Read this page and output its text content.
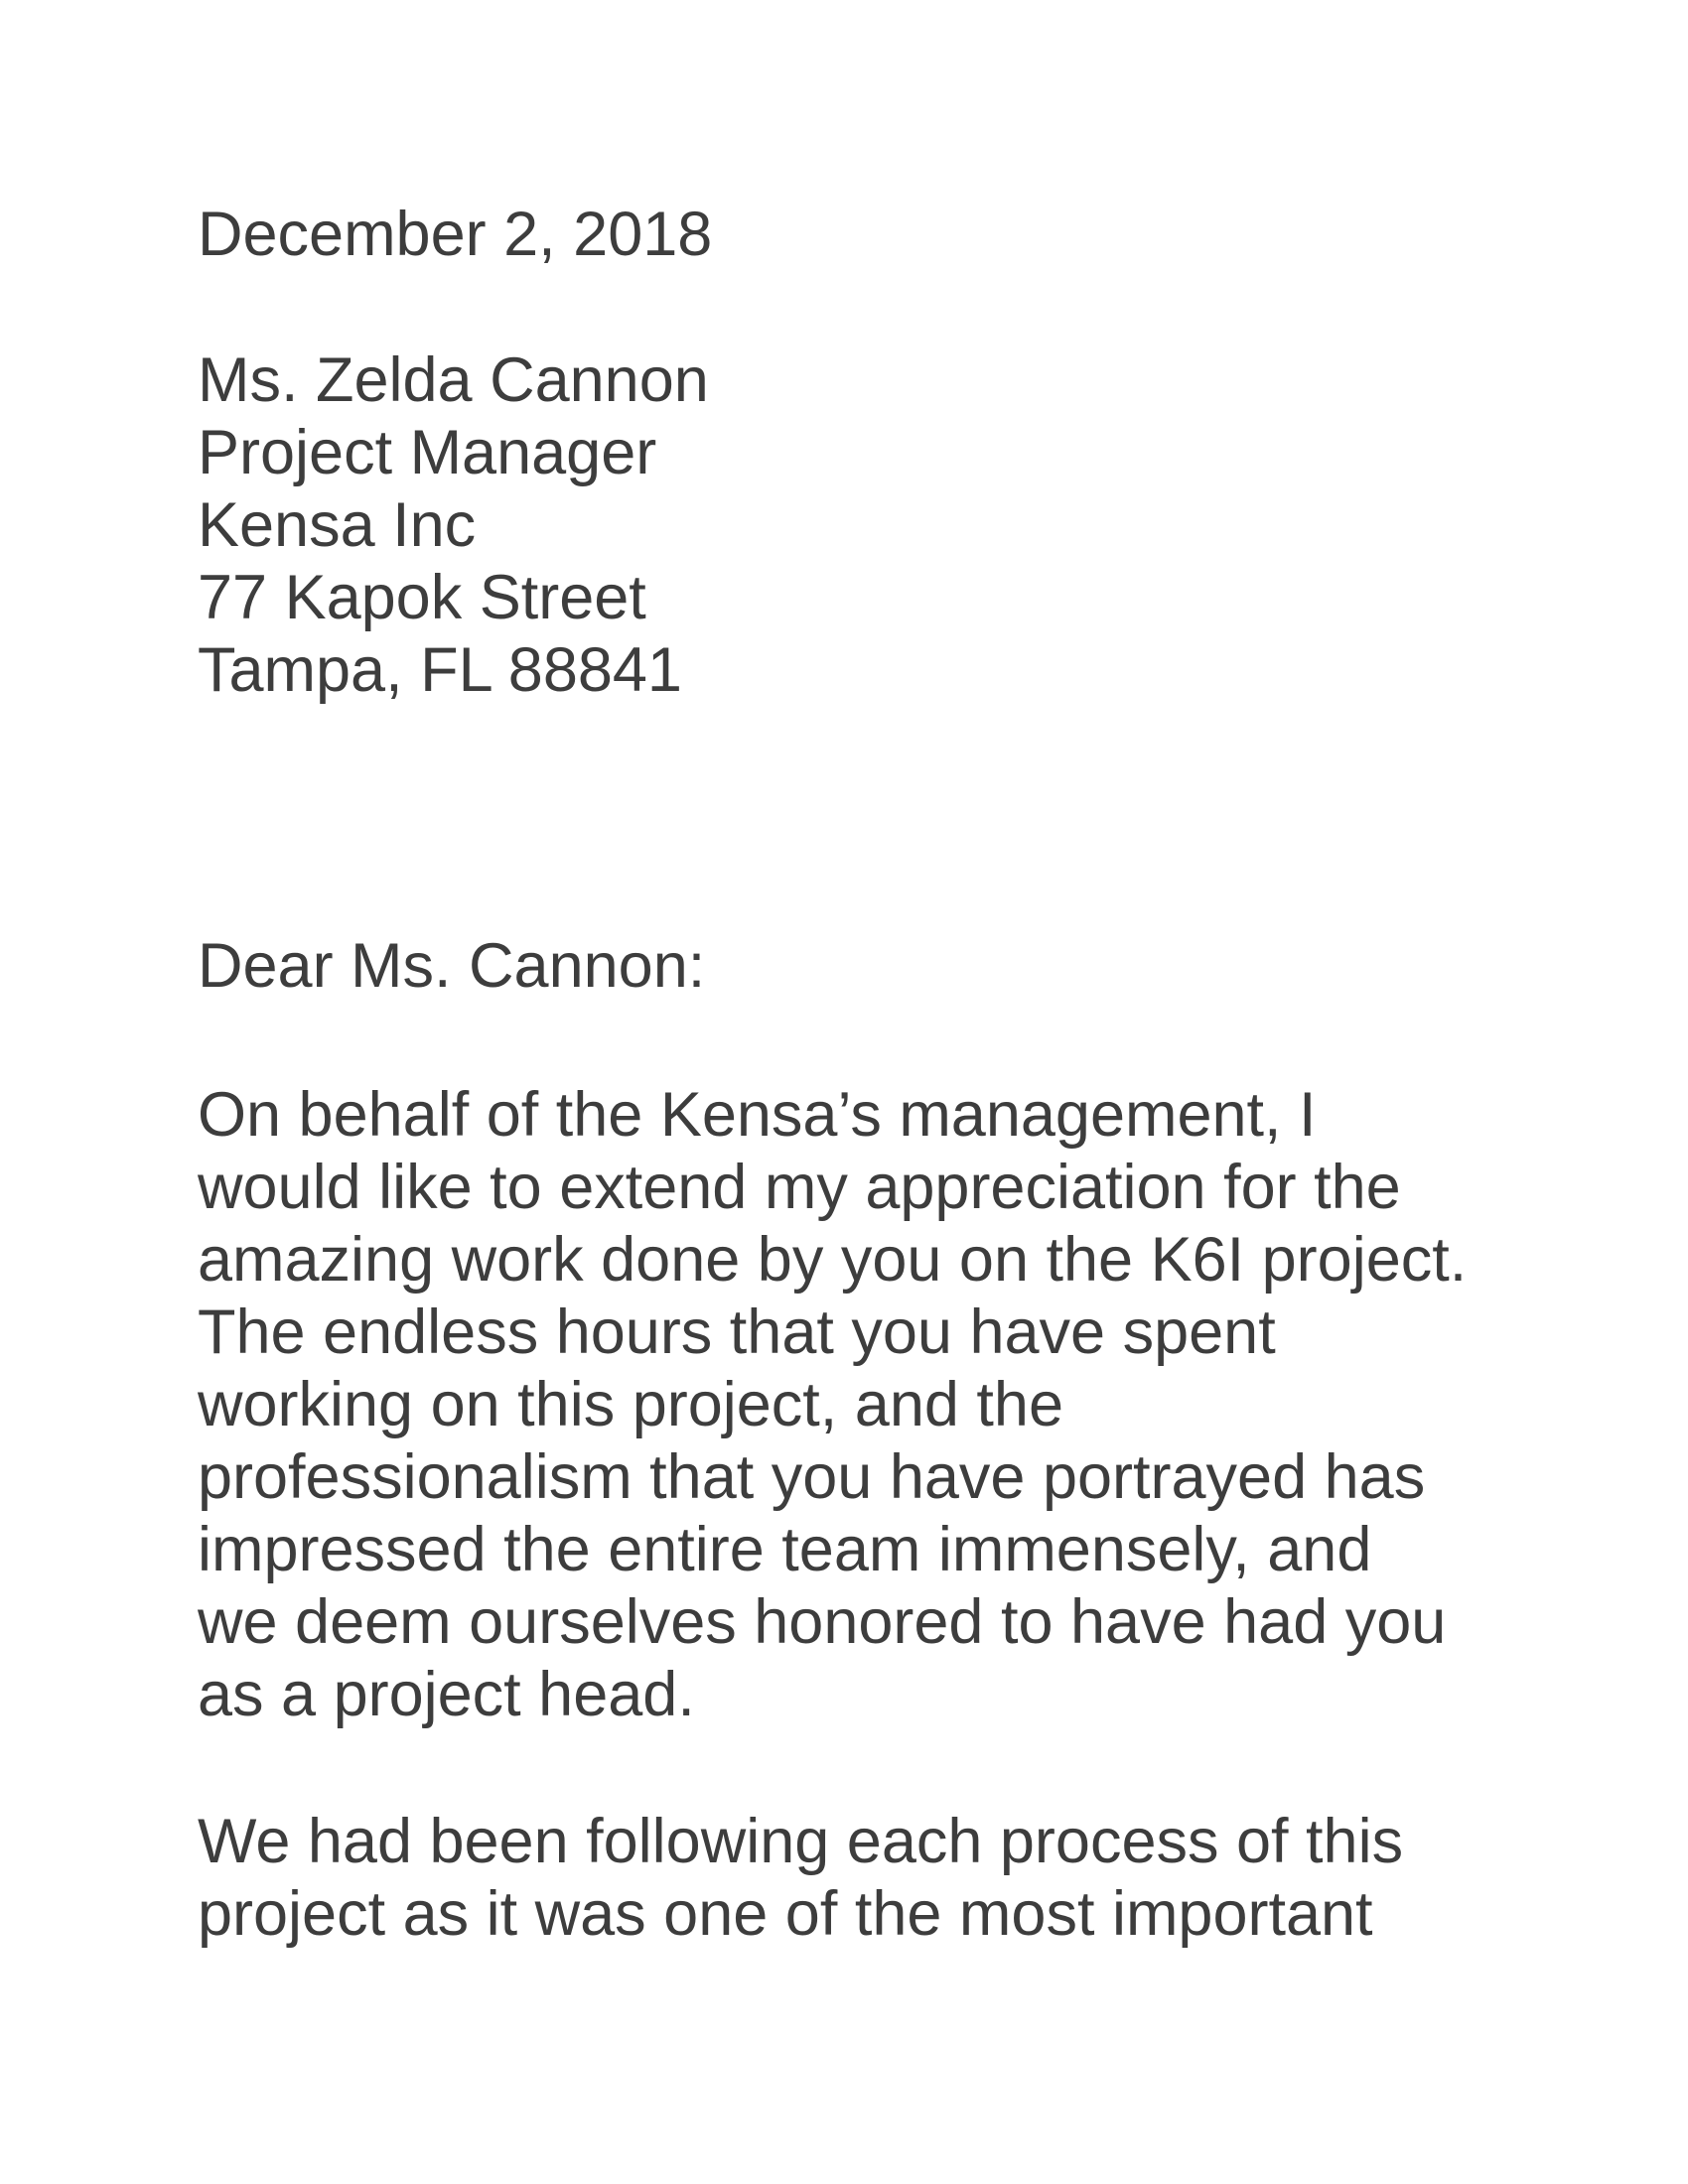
December 2, 2018
Ms. Zelda Cannon
Project Manager
Kensa Inc
77 Kapok Street
Tampa, FL 88841
Dear Ms. Cannon:
On behalf of the Kensa’s management, I
would like to extend my appreciation for the
amazing work done by you on the K6I project.
The endless hours that you have spent
working on this project, and the
professionalism that you have portrayed has
impressed the entire team immensely, and
we deem ourselves honored to have had you
as a project head.
We had been following each process of this
project as it was one of the most important
